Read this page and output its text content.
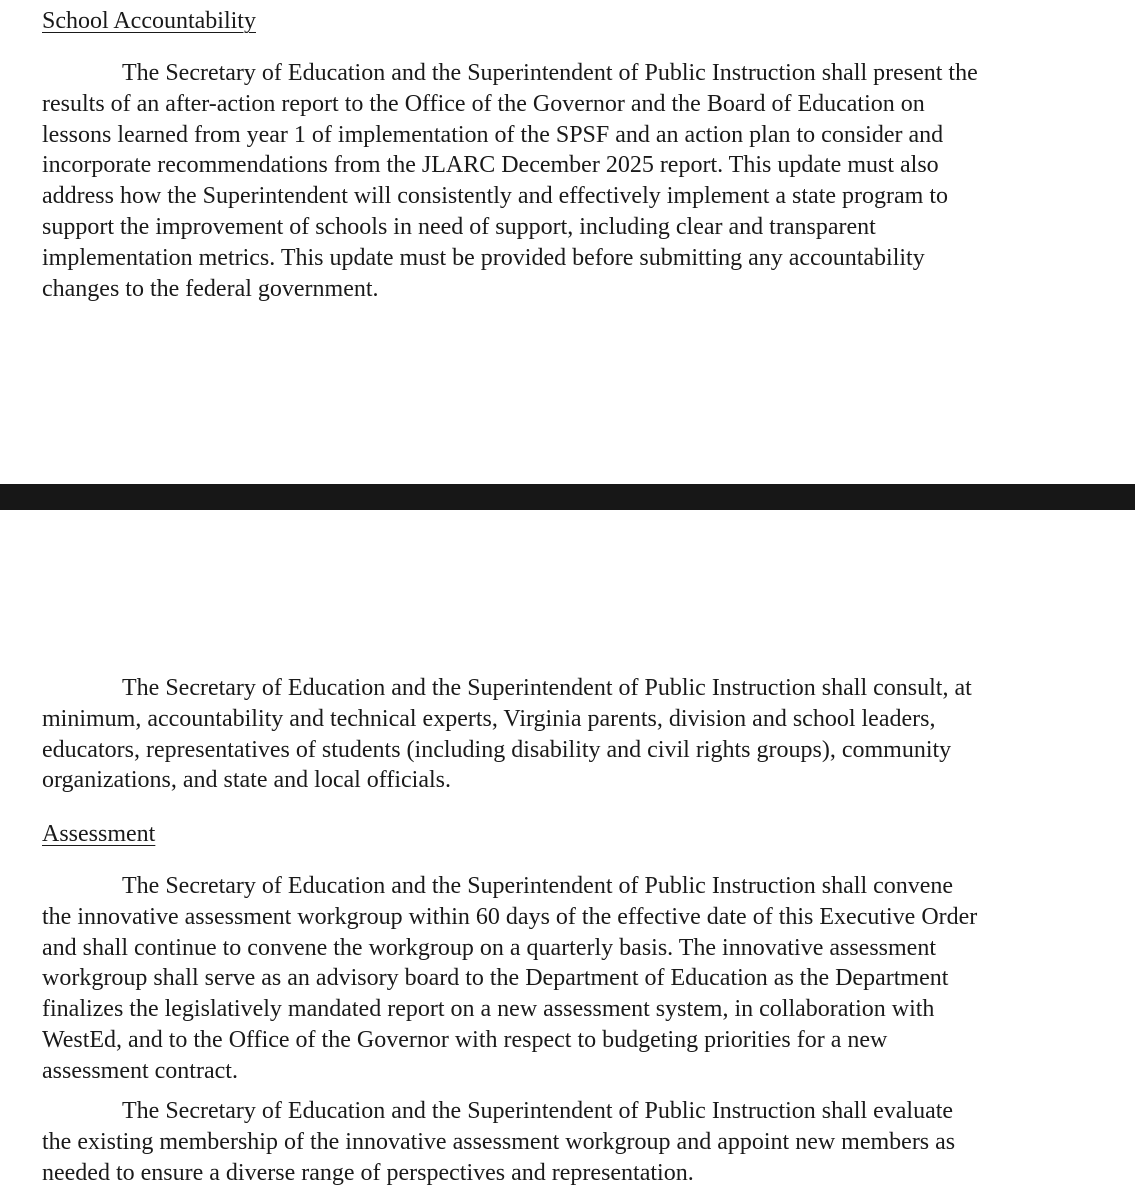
School Accountability

The Secretary of Education and the Superintendent of Public Instruction shall present the
results of an after-action report to the Office of the Governor and the Board of Education on
lessons learned from year 1 of implementation of the SPSF and an action plan to consider and
incorporate recommendations from the JLARC December 2025 report. This update must also
address how the Superintendent will consistently and effectively implement a state program to
support the improvement of schools in need of support, including clear and transparent
implementation metrics. This update must be provided before submitting any accountability
changes to the federal government.

The Secretary of Education and the Superintendent of Public Instruction shall consult, at
minimum, accountability and technical experts, Virginia parents, division and school leaders,
educators, representatives of students (including disability and civil rights groups), community
organizations, and state and local officials.

Assessment

The Secretary of Education and the Superintendent of Public Instruction shall convene
the innovative assessment workgroup within 60 days of the effective date of this Executive Order
and shall continue to convene the workgroup on a quarterly basis. The innovative assessment
workgroup shall serve as an advisory board to the Department of Education as the Department
finalizes the legislatively mandated report on a new assessment system, in collaboration with
WestEd, and to the Office of the Governor with respect to budgeting priorities for a new
assessment contract.

The Secretary of Education and the Superintendent of Public Instruction shall evaluate
the existing membership of the innovative assessment workgroup and appoint new members as
needed to ensure a diverse range of perspectives and representation.
